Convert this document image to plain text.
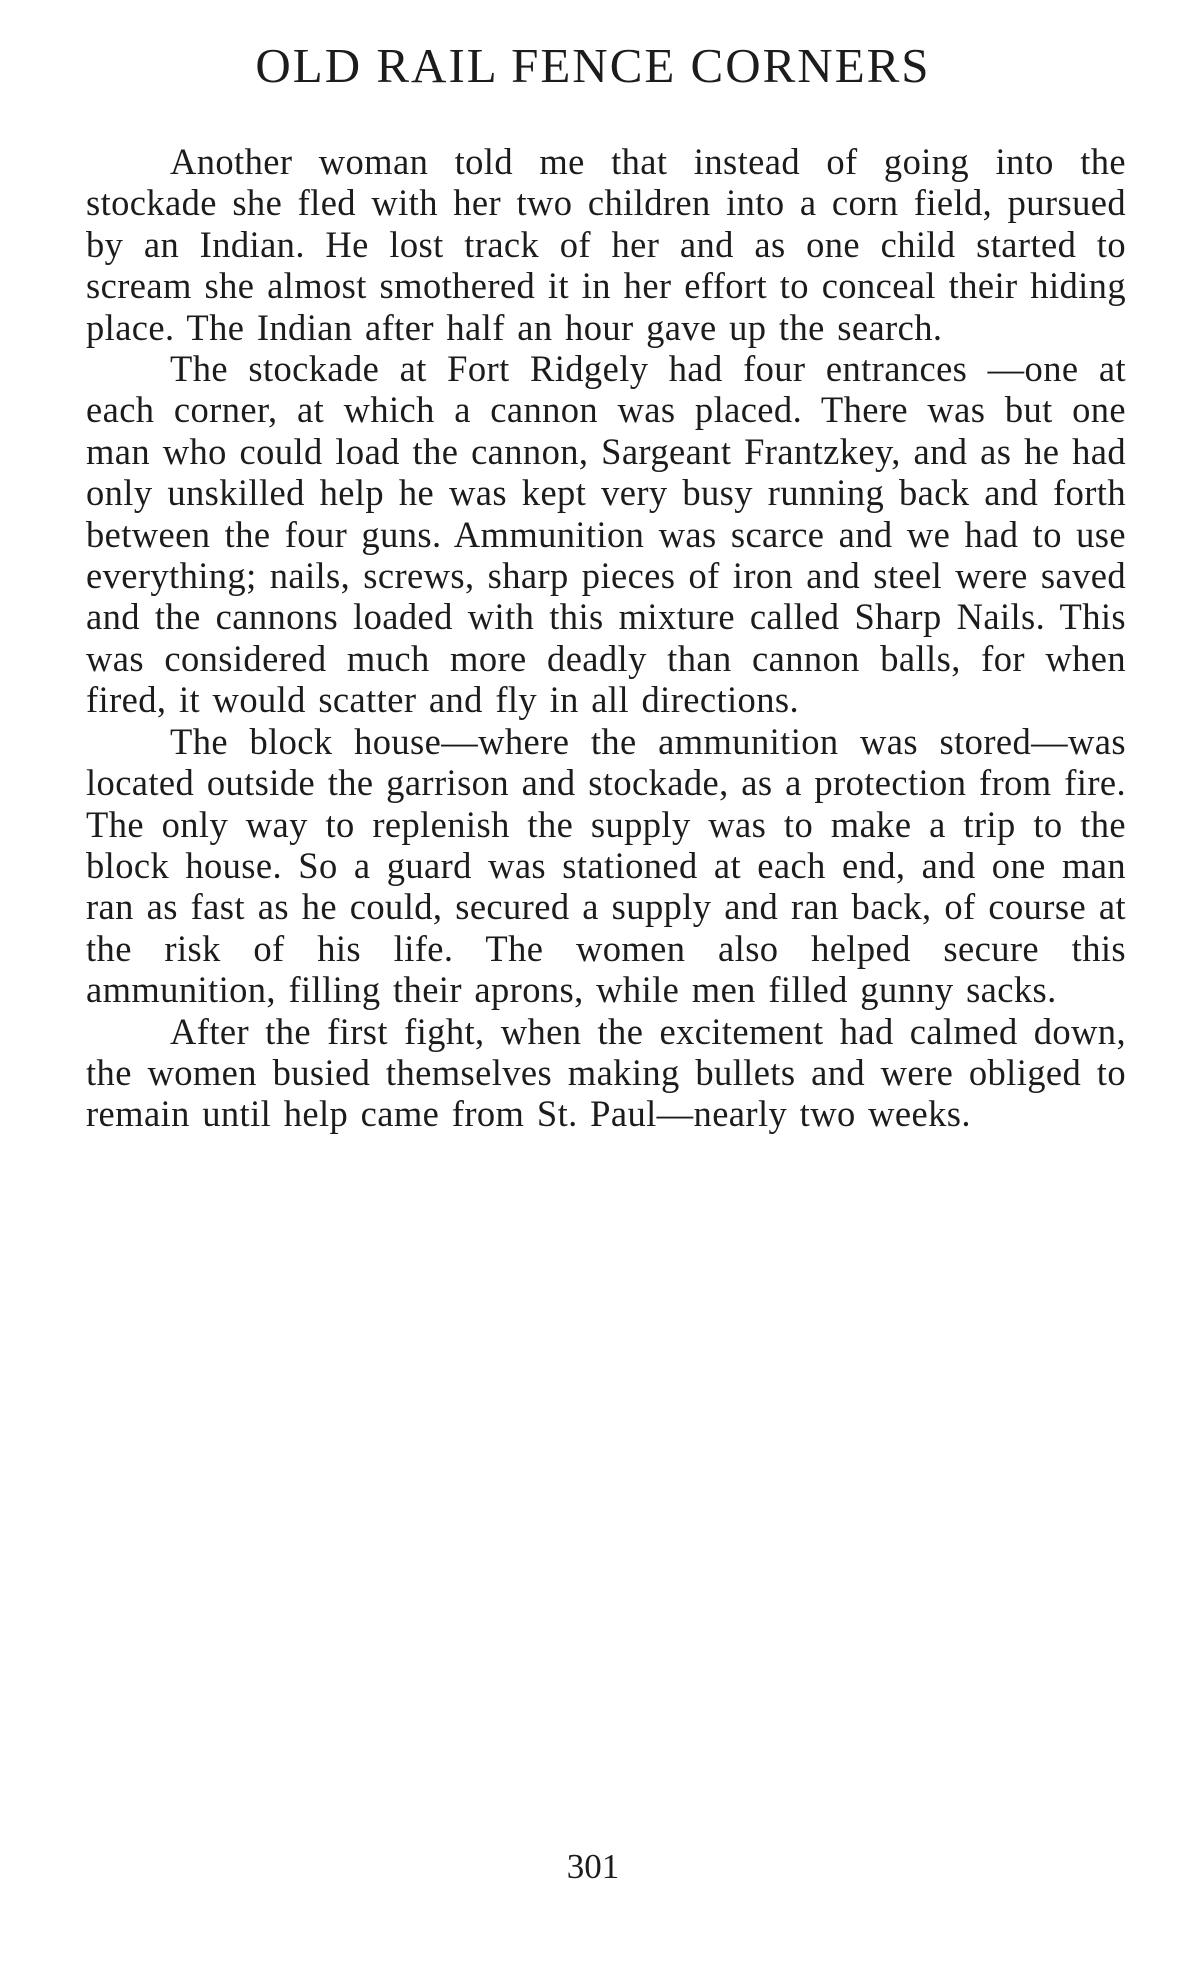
OLD RAIL FENCE CORNERS

Another woman told me that instead of going into the stockade she fled with her two children into a corn field, pursued by an Indian. He lost track of her and as one child started to scream she almost smothered it in her effort to conceal their hiding place. The Indian after half an hour gave up the search.

The stockade at Fort Ridgely had four entrances —one at each corner, at which a cannon was placed. There was but one man who could load the cannon, Sargeant Frantzkey, and as he had only unskilled help he was kept very busy running back and forth between the four guns. Ammunition was scarce and we had to use everything; nails, screws, sharp pieces of iron and steel were saved and the cannons loaded with this mixture called Sharp Nails. This was considered much more deadly than cannon balls, for when fired, it would scatter and fly in all directions.

The block house—where the ammunition was stored—was located outside the garrison and stockade, as a protection from fire. The only way to replenish the supply was to make a trip to the block house. So a guard was stationed at each end, and one man ran as fast as he could, secured a supply and ran back, of course at the risk of his life. The women also helped secure this ammunition, filling their aprons, while men filled gunny sacks.

After the first fight, when the excitement had calmed down, the women busied themselves making bullets and were obliged to remain until help came from St. Paul—nearly two weeks.

301
